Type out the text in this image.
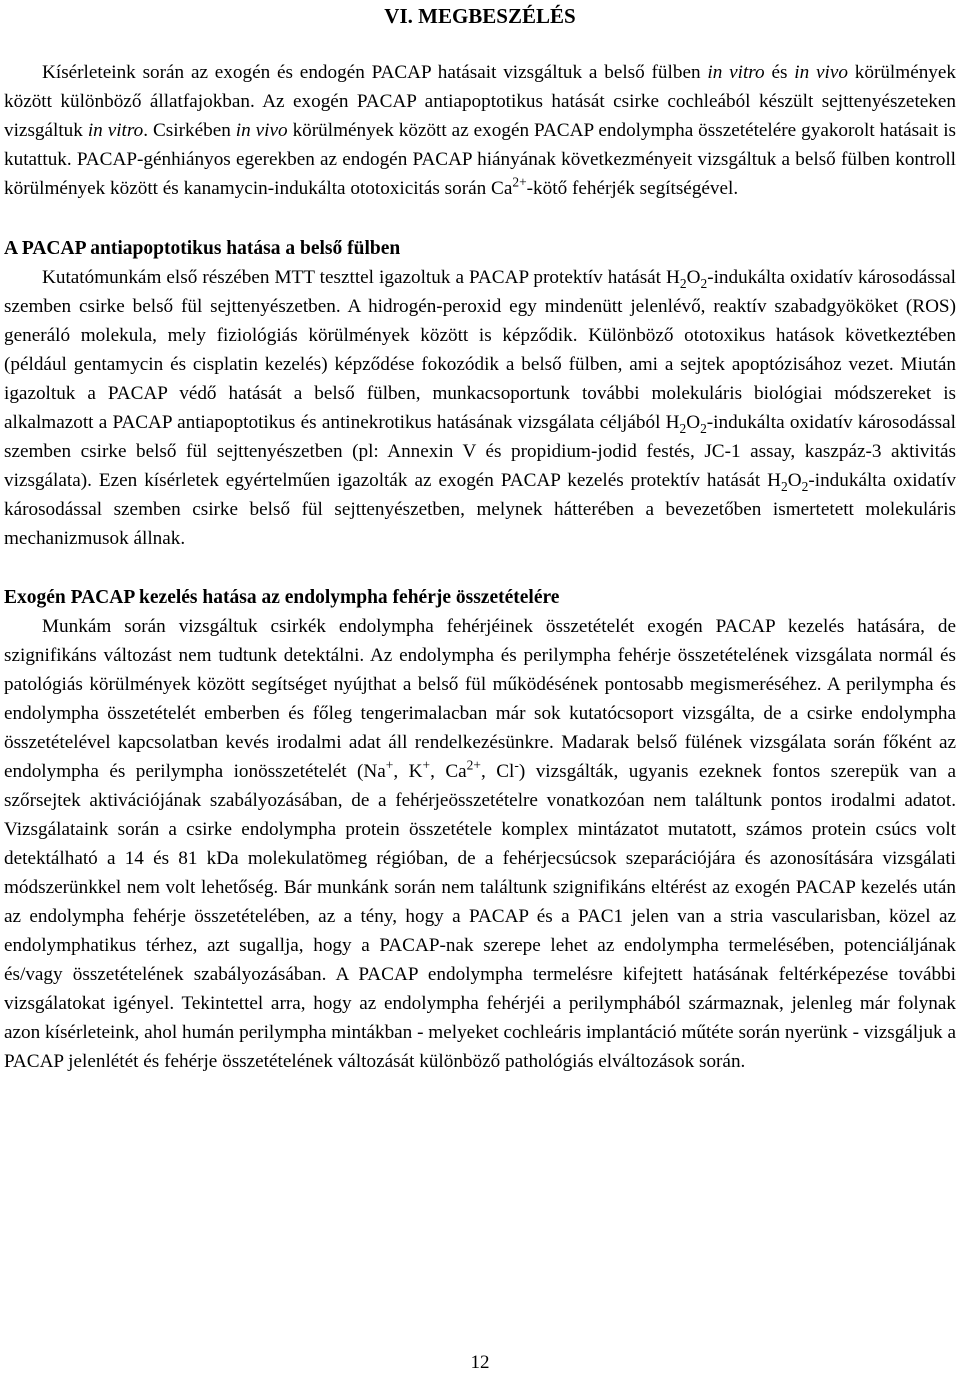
VI. MEGBESZÉLÉS

Kísérleteink során az exogén és endogén PACAP hatásait vizsgáltuk a belső fülben in vitro és in vivo körülmények között különböző állatfajokban. Az exogén PACAP antiapoptotikus hatását csirke cochleából készült sejttenyészeteken vizsgáltuk in vitro. Csirkében in vivo körülmények között az exogén PACAP endolympha összetételére gyakorolt hatásait is kutattuk. PACAP-génhiányos egerekben az endogén PACAP hiányának következményeit vizsgáltuk a belső fülben kontroll körülmények között és kanamycin-indukálta ototoxicitás során $Ca^{2+}$-kötő fehérjék segítségével.

A PACAP antiapoptotikus hatása a belső fülben

Kutatómunkám első részében MTT teszttel igazoltuk a PACAP protektív hatását $H_2O_2$-indukálta oxidatív károsodással szemben csirke belső fül sejttenyészetben. A hidrogén-peroxid egy mindenütt jelenlévő, reaktív szabadgyököket (ROS) generáló molekula, mely fiziológiás körülmények között is képződik. Különböző ototoxikus hatások következtében (például gentamycin és cisplatin kezelés) képződése fokozódik a belső fülben, ami a sejtek apoptózisához vezet. Miután igazoltuk a PACAP védő hatását a belső fülben, munkacsoportunk további molekuláris biológiai módszereket is alkalmazott a PACAP antiapoptotikus és antinekrotikus hatásának vizsgálata céljából $H_2O_2$-indukálta oxidatív károsodással szemben csirke belső fül sejttenyészetben (pl: Annexin V és propidium-jodid festés, JC-1 assay, kaszpáz-3 aktivitás vizsgálata). Ezen kísérletek egyértelműen igazolták az exogén PACAP kezelés protektív hatását $H_2O_2$-indukálta oxidatív károsodással szemben csirke belső fül sejttenyészetben, melynek hátterében a bevezetőben ismertetett molekuláris mechanizmusok állnak.

Exogén PACAP kezelés hatása az endolympha fehérje összetételére

Munkám során vizsgáltuk csirkék endolympha fehérjéinek összetételét exogén PACAP kezelés hatására, de szignifikáns változást nem tudtunk detektálni. Az endolympha és perilympha fehérje összetételének vizsgálata normál és patológiás körülmények között segítséget nyújthat a belső fül működésének pontosabb megismeréséhez. A perilympha és endolympha összetételét emberben és főleg tengerimalacban már sok kutatócsoport vizsgálta, de a csirke endolympha összetételével kapcsolatban kevés irodalmi adat áll rendelkezésünkre. Madarak belső fülének vizsgálata során főként az endolympha és perilympha ionösszetételét (Na+, K+, $Ca^{2+}$, Cl-) vizsgálták, ugyanis ezeknek fontos szerepük van a szőrsejtek aktivációjának szabályozásában, de a fehérjeösszetételre vonatkozóan nem találtunk pontos irodalmi adatot. Vizsgálataink során a csirke endolympha protein összetétele komplex mintázatot mutatott, számos protein csúcs volt detektálható a 14 és 81 kDa molekulatömeg régióban, de a fehérjecsúcsok szeparációjára és azonosítására vizsgálati módszerünkkel nem volt lehetőség. Bár munkánk során nem találtunk szignifikáns eltérést az exogén PACAP kezelés után az endolympha fehérje összetételében, az a tény, hogy a PACAP és a PAC1 jelen van a stria vascularisban, közel az endolymphatikus térhez, azt sugallja, hogy a PACAP-nak szerepe lehet az endolympha termelésében, potenciáljának és/vagy összetételének szabályozásában. A PACAP endolympha termelésre kifejtett hatásának feltérképezése további vizsgálatokat igényel. Tekintettel arra, hogy az endolympha fehérjéi a perilymphából származnak, jelenleg már folynak azon kísérleteink, ahol humán perilympha mintákban - melyeket cochleáris implantáció műtéte során nyerünk - vizsgáljuk a PACAP jelenlétét és fehérje összetételének változását különböző pathológiás elváltozások során.

12
